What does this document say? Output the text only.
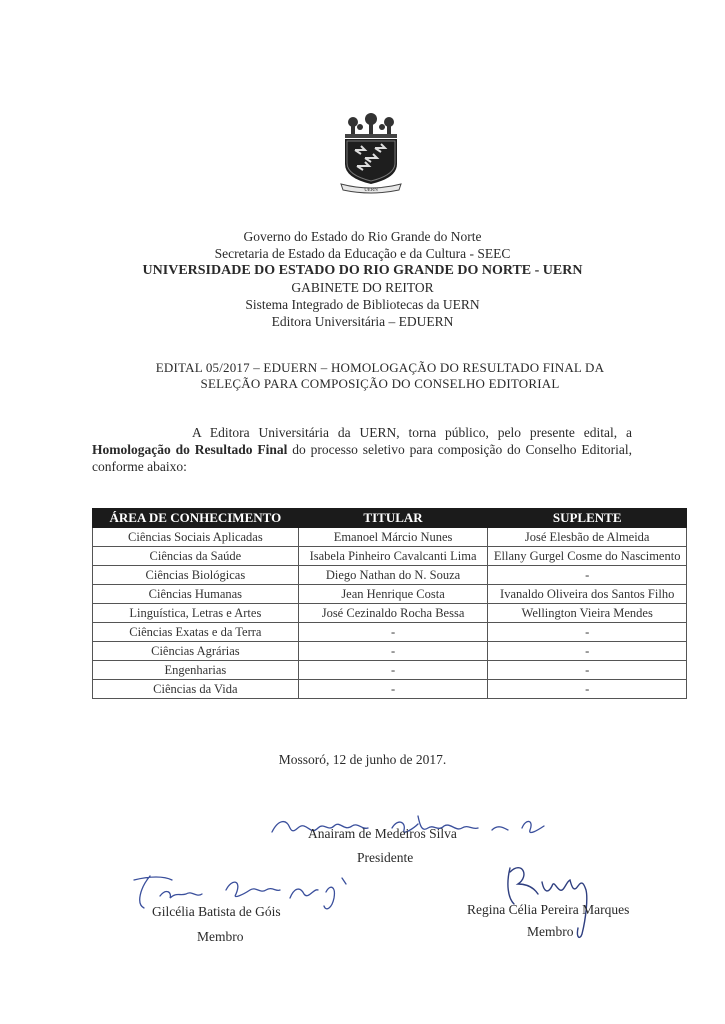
UERN
Governo do Estado do Rio Grande do Norte
Secretaria de Estado da Educação e da Cultura - SEEC
UNIVERSIDADE DO ESTADO DO RIO GRANDE DO NORTE - UERN
GABINETE DO REITOR
Sistema Integrado de Bibliotecas da UERN
Editora Universitária – EDUERN
EDITAL 05/2017 – EDUERN – HOMOLOGAÇÃO DO RESULTADO FINAL DA
SELEÇÃO PARA COMPOSIÇÃO DO CONSELHO EDITORIAL

A Editora Universitária da UERN, torna público, pelo presente edital, a Homologação do Resultado Final do processo seletivo para composição do Conselho Editorial, conforme abaixo:

ÁREA DE CONHECIMENTO	TITULAR	SUPLENTE
Ciências Sociais Aplicadas	Emanoel Márcio Nunes	José Elesbão de Almeida
Ciências da Saúde	Isabela Pinheiro Cavalcanti Lima	Ellany Gurgel Cosme do Nascimento
Ciências Biológicas	Diego Nathan do N. Souza	-
Ciências Humanas	Jean Henrique Costa	Ivanaldo Oliveira dos Santos Filho
Linguística, Letras e Artes	José Cezinaldo Rocha Bessa	Wellington Vieira Mendes
Ciências Exatas e da Terra	-	-
Ciências Agrárias	-	-
Engenharias	-	-
Ciências da Vida	-	-
Mossoró, 12 de junho de 2017.
Anairam de Medeiros Silva
Presidente
Gilcélia Batista de Góis
Membro
Regina Célia Pereira Marques
Membro
